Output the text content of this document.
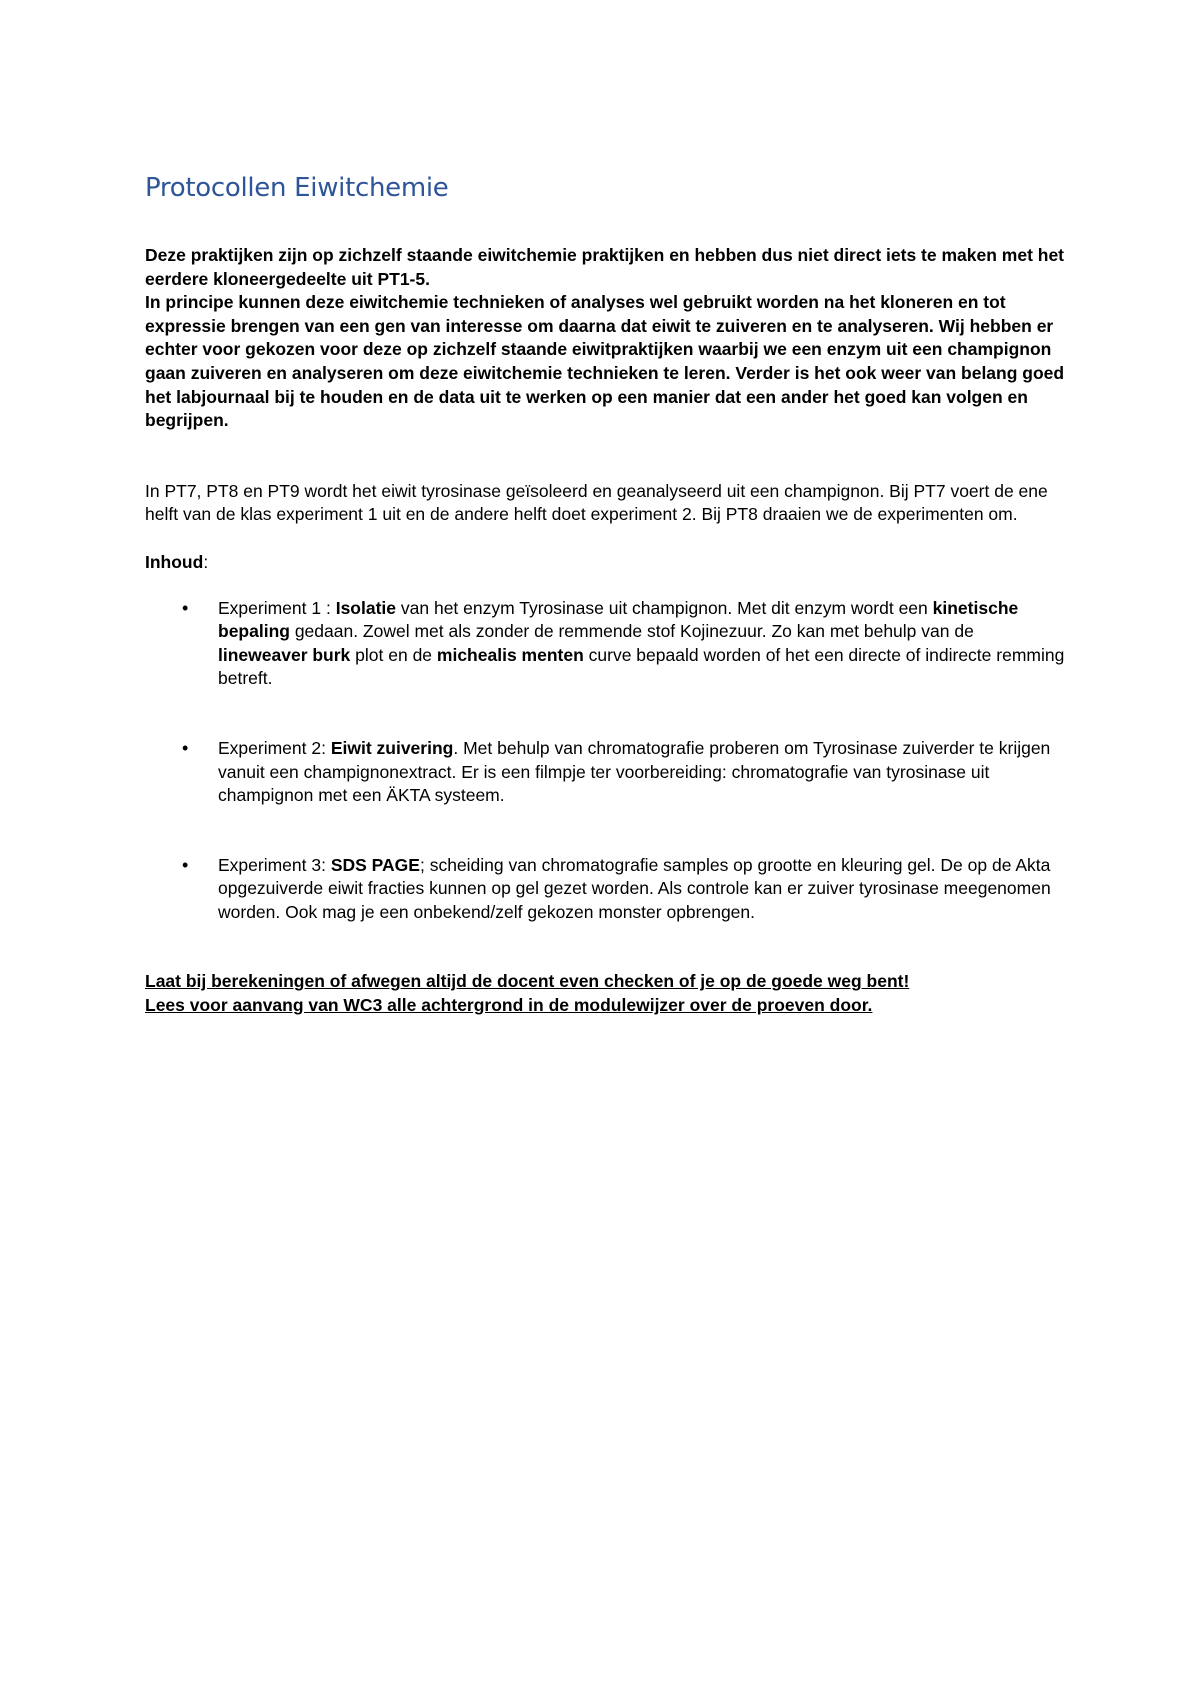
Protocollen Eiwitchemie

Deze praktijken zijn op zichzelf staande eiwitchemie praktijken en hebben dus niet direct iets te maken met het eerdere kloneergedeelte uit PT1-5.

In principe kunnen deze eiwitchemie technieken of analyses wel gebruikt worden na het kloneren en tot expressie brengen van een gen van interesse om daarna dat eiwit te zuiveren en te analyseren. Wij hebben er echter voor gekozen voor deze op zichzelf staande eiwitpraktijken waarbij we een enzym uit een champignon gaan zuiveren en analyseren om deze eiwitchemie technieken te leren. Verder is het ook weer van belang goed het labjournaal bij te houden en de data uit te werken op een manier dat een ander het goed kan volgen en begrijpen.

In PT7, PT8 en PT9 wordt het eiwit tyrosinase geïsoleerd en geanalyseerd uit een champignon. Bij PT7 voert de ene helft van de klas experiment 1 uit en de andere helft doet experiment 2. Bij PT8 draaien we de experimenten om.

Inhoud:
• Experiment 1 : Isolatie van het enzym Tyrosinase uit champignon. Met dit enzym wordt een kinetische bepaling gedaan. Zowel met als zonder de remmende stof Kojinezuur. Zo kan met behulp van de lineweaver burk plot en de michealis menten curve bepaald worden of het een directe of indirecte remming betreft.
• Experiment 2: Eiwit zuivering. Met behulp van chromatografie proberen om Tyrosinase zuiverder te krijgen vanuit een champignonextract. Er is een filmpje ter voorbereiding: chromatografie van tyrosinase uit champignon met een ÄKTA systeem.
• Experiment 3: SDS PAGE; scheiding van chromatografie samples op grootte en kleuring gel. De op de Akta opgezuiverde eiwit fracties kunnen op gel gezet worden. Als controle kan er zuiver tyrosinase meegenomen worden. Ook mag je een onbekend/zelf gekozen monster opbrengen.

Laat bij berekeningen of afwegen altijd de docent even checken of je op de goede weg bent!

Lees voor aanvang van WC3 alle achtergrond in de modulewijzer over de proeven door.
